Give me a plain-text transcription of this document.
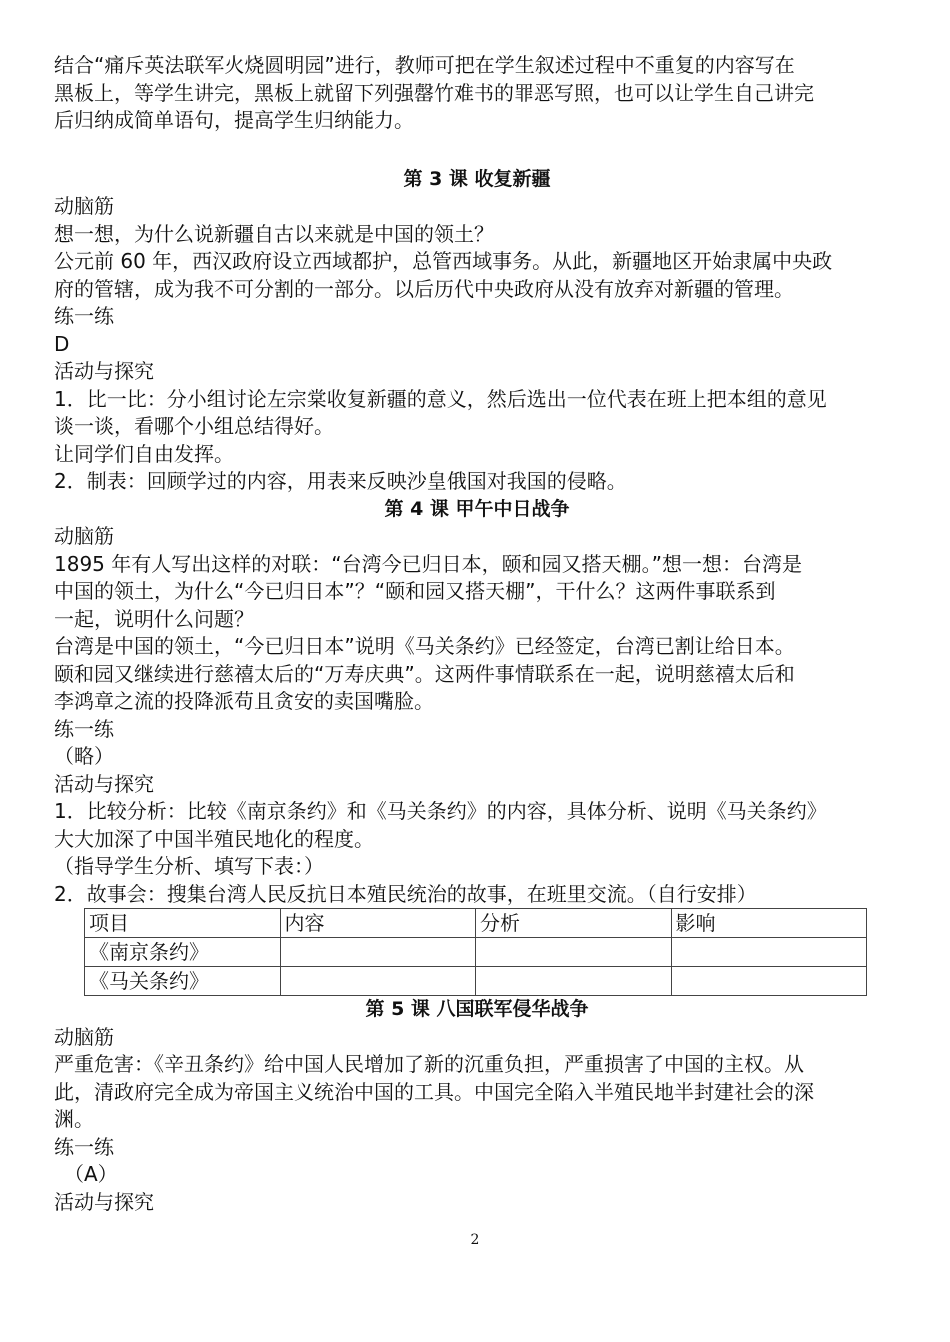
结合“痛斥英法联军火烧圆明园”进行，教师可把在学生叙述过程中不重复的内容写在

黑板上，等学生讲完，黑板上就留下列强罄竹难书的罪恶写照，也可以让学生自己讲完

后归纳成简单语句，提高学生归纳能力。

第 3 课 收复新疆

动脑筋

想一想，为什么说新疆自古以来就是中国的领土？

公元前 60 年，西汉政府设立西域都护，总管西域事务。从此，新疆地区开始隶属中央政

府的管辖，成为我不可分割的一部分。以后历代中央政府从没有放弃对新疆的管理。

练一练

D

活动与探究

1．比一比：分小组讨论左宗棠收复新疆的意义，然后选出一位代表在班上把本组的意见

谈一谈，看哪个小组总结得好。

让同学们自由发挥。

2．制表：回顾学过的内容，用表来反映沙皇俄国对我国的侵略。

第 4 课 甲午中日战争

动脑筋

1895 年有人写出这样的对联：“台湾今已归日本，颐和园又搭天棚。”想一想：台湾是

中国的领土，为什么“今已归日本”？“颐和园又搭天棚”，干什么？这两件事联系到

一起，说明什么问题？

台湾是中国的领土，“今已归日本”说明《马关条约》已经签定，台湾已割让给日本。

颐和园又继续进行慈禧太后的“万寿庆典”。这两件事情联系在一起，说明慈禧太后和

李鸿章之流的投降派苟且贪安的卖国嘴脸。

练一练

（略）

活动与探究

1．比较分析：比较《南京条约》和《马关条约》的内容，具体分析、说明《马关条约》

大大加深了中国半殖民地化的程度。

（指导学生分析、填写下表：）

2．故事会：搜集台湾人民反抗日本殖民统治的故事，在班里交流。（自行安排）

项目	内容	分析	影响
《南京条约》			
《马关条约》			

第 5 课 八国联军侵华战争

动脑筋

严重危害：《辛丑条约》给中国人民增加了新的沉重负担，严重损害了中国的主权。从

此，清政府完全成为帝国主义统治中国的工具。中国完全陷入半殖民地半封建社会的深

渊。

练一练

（A）

活动与探究

2
